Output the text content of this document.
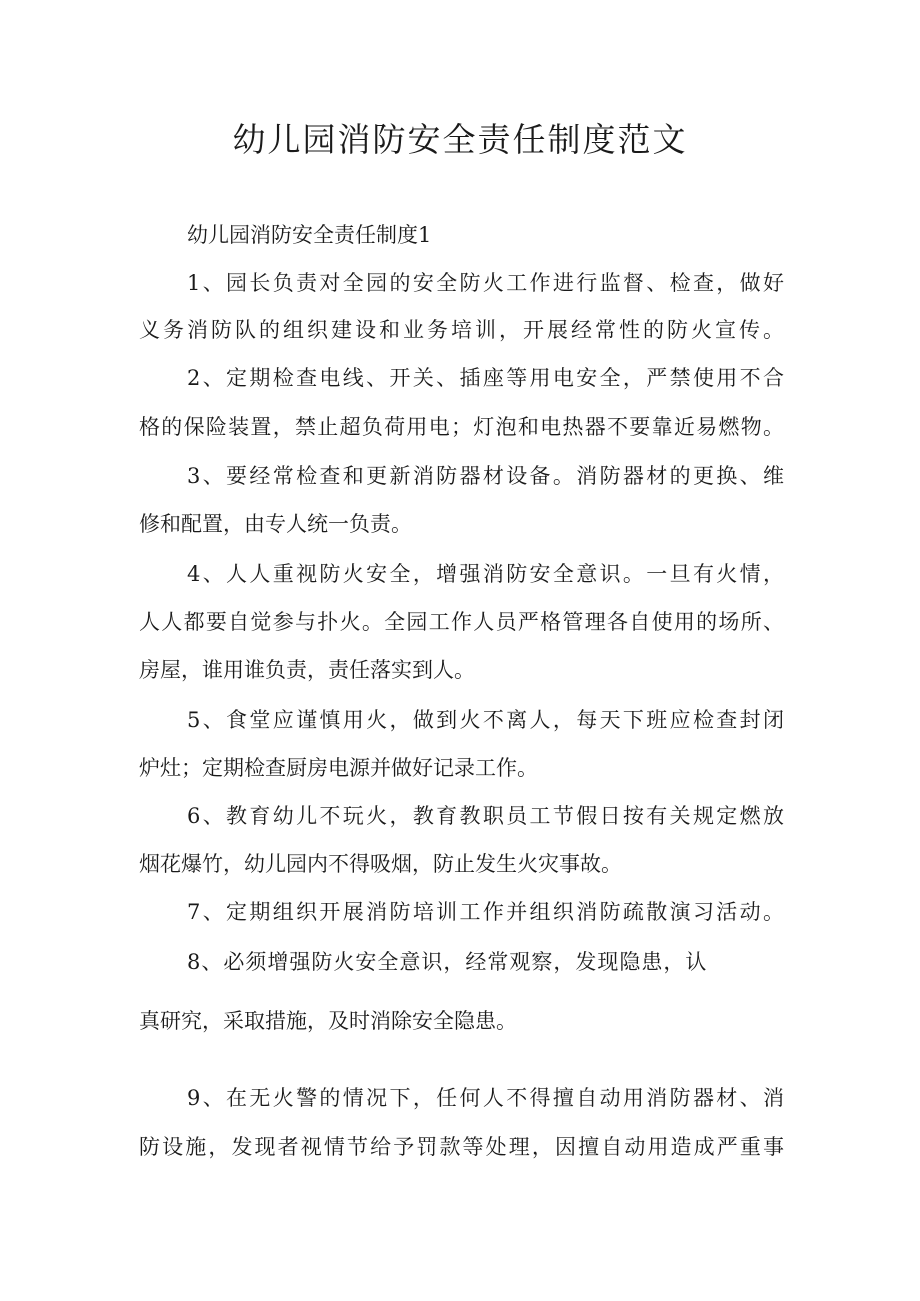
幼儿园消防安全责任制度范文

幼儿园消防安全责任制度1

1、园长负责对全园的安全防火工作进行监督、检查，做好

义务消防队的组织建设和业务培训，开展经常性的防火宣传。

2、定期检查电线、开关、插座等用电安全，严禁使用不合

格的保险装置，禁止超负荷用电；灯泡和电热器不要靠近易燃物。

3、要经常检查和更新消防器材设备。消防器材的更换、维

修和配置，由专人统一负责。

4、人人重视防火安全，增强消防安全意识。一旦有火情，

人人都要自觉参与扑火。全园工作人员严格管理各自使用的场所、

房屋，谁用谁负责，责任落实到人。

5、食堂应谨慎用火，做到火不离人，每天下班应检查封闭

炉灶；定期检查厨房电源并做好记录工作。

6、教育幼儿不玩火，教育教职员工节假日按有关规定燃放

烟花爆竹，幼儿园内不得吸烟，防止发生火灾事故。

7、定期组织开展消防培训工作并组织消防疏散演习活动。

8、必须增强防火安全意识，经常观察，发现隐患，认

真研究，采取措施，及时消除安全隐患。

9、在无火警的情况下，任何人不得擅自动用消防器材、消

防设施，发现者视情节给予罚款等处理，因擅自动用造成严重事
